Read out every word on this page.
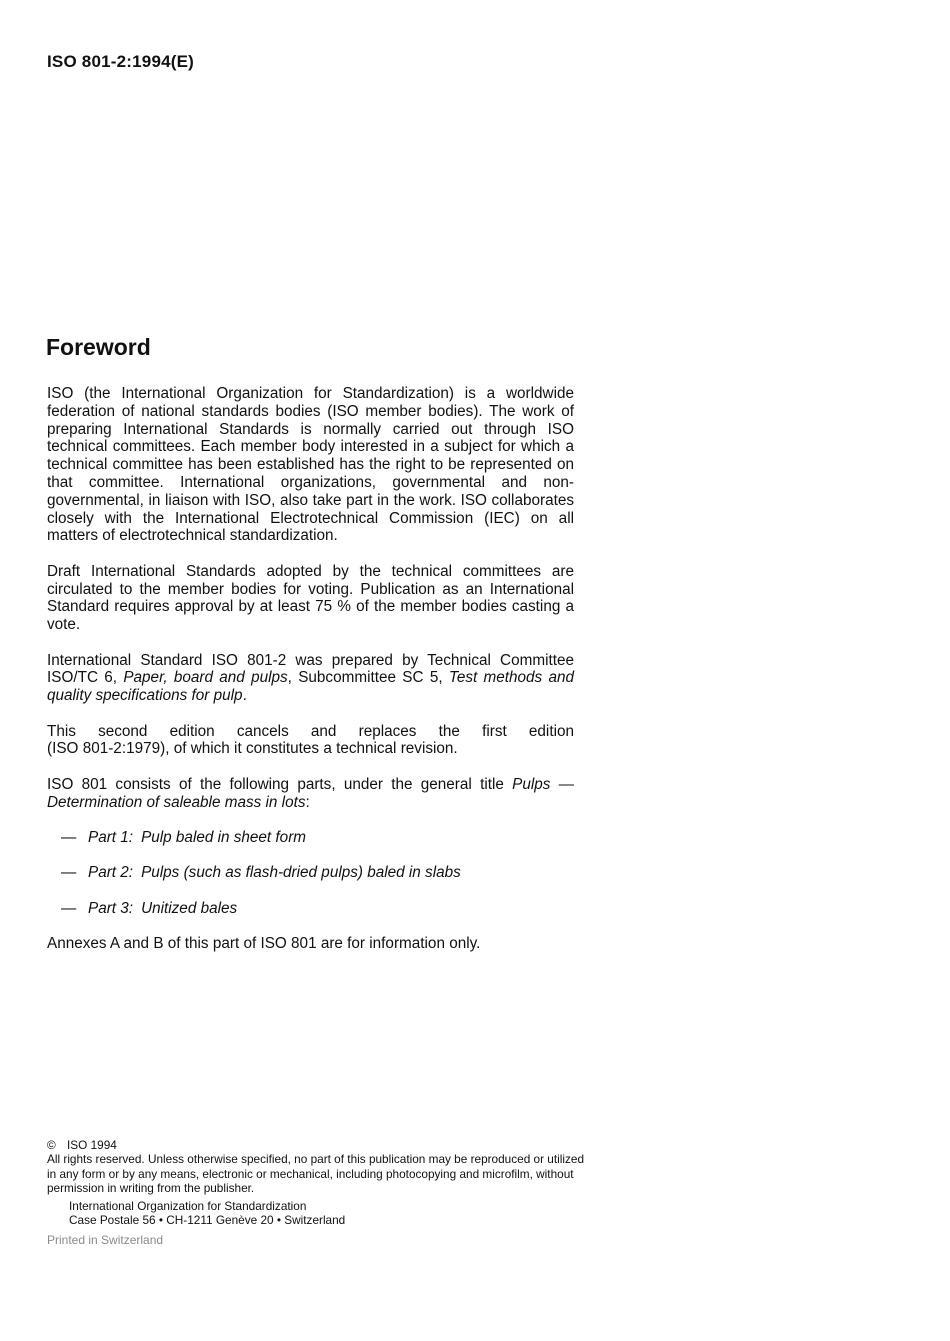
ISO 801-2:1994(E)
Foreword

ISO (the International Organization for Standardization) is a worldwide federation of national standards bodies (ISO member bodies). The work of preparing International Standards is normally carried out through ISO technical committees. Each member body interested in a subject for which a technical committee has been established has the right to be represented on that committee. International organizations, governmental and non-governmental, in liaison with ISO, also take part in the work. ISO collaborates closely with the International Electrotechnical Commission (IEC) on all matters of electrotechnical standardization.

Draft International Standards adopted by the technical committees are circulated to the member bodies for voting. Publication as an International Standard requires approval by at least 75 % of the member bodies casting a vote.

International Standard ISO 801-2 was prepared by Technical Committee ISO/TC 6, Paper, board and pulps, Subcommittee SC 5, Test methods and quality specifications for pulp.

This second edition cancels and replaces the first edition
(ISO 801-2:1979), of which it constitutes a technical revision.

ISO 801 consists of the following parts, under the general title Pulps — Determination of saleable mass in lots:

— Part 1: Pulp baled in sheet form
— Part 2: Pulps (such as flash-dried pulps) baled in slabs
— Part 3: Unitized bales

Annexes A and B of this part of ISO 801 are for information only.

© ISO 1994
All rights reserved. Unless otherwise specified, no part of this publication may be reproduced or utilized in any form or by any means, electronic or mechanical, including photocopying and microfilm, without permission in writing from the publisher.
International Organization for Standardization
Case Postale 56 • CH-1211 Genève 20 • Switzerland
Printed in Switzerland
